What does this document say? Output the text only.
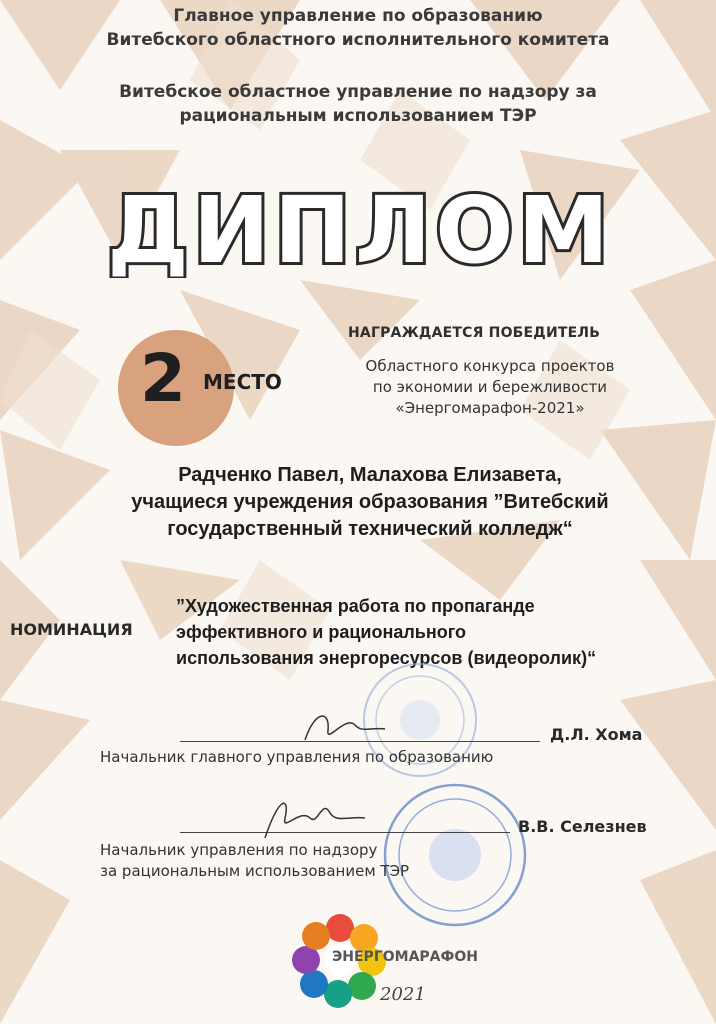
Главное управление по образованию
Витебского областного исполнительного комитета
Витебское областное управление по надзору за
рациональным использованием ТЭР
ДИПЛОМ
2 МЕСТО
НАГРАЖДАЕТСЯ ПОБЕДИТЕЛЬ
Областного конкурса проектов
по экономии и бережливости
«Энергомарафон-2021»
Радченко Павел, Малахова Елизавета,
учащиеся учреждения образования ”Витебский
государственный технический колледж“
НОМИНАЦИЯ
”Художественная работа по пропаганде
эффективного и рационального
использования энергоресурсов (видеоролик)“
Д.Л. Хома
Начальник главного управления по образованию
В.В. Селезнев
Начальник управления по надзору
за рациональным использованием ТЭР
ЭНЕРГОМАРАФОН
2021
